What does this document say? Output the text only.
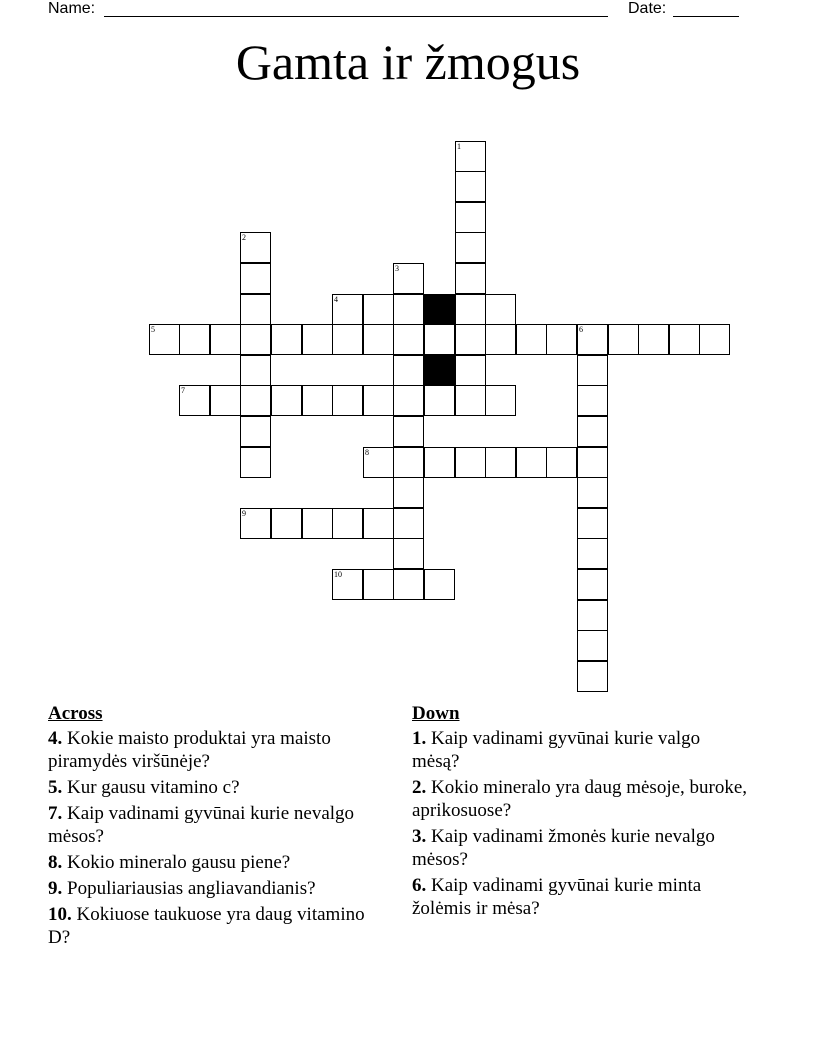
Name:	Date:
Gamta ir žmogus
1
2
3
4
5	6
7
8
9
10
Across
4. Kokie maisto produktai yra maisto piramydės viršūnėje?
5. Kur gausu vitamino c?
7. Kaip vadinami gyvūnai kurie nevalgo mėsos?
8. Kokio mineralo gausu piene?
9. Populiariausias angliavandianis?
10. Kokiuose taukuose yra daug vitamino D?
Down
1. Kaip vadinami gyvūnai kurie valgo mėsą?
2. Kokio mineralo yra daug mėsoje, buroke, aprikosuose?
3. Kaip vadinami žmonės kurie nevalgo mėsos?
6. Kaip vadinami gyvūnai kurie minta žolėmis ir mėsa?
